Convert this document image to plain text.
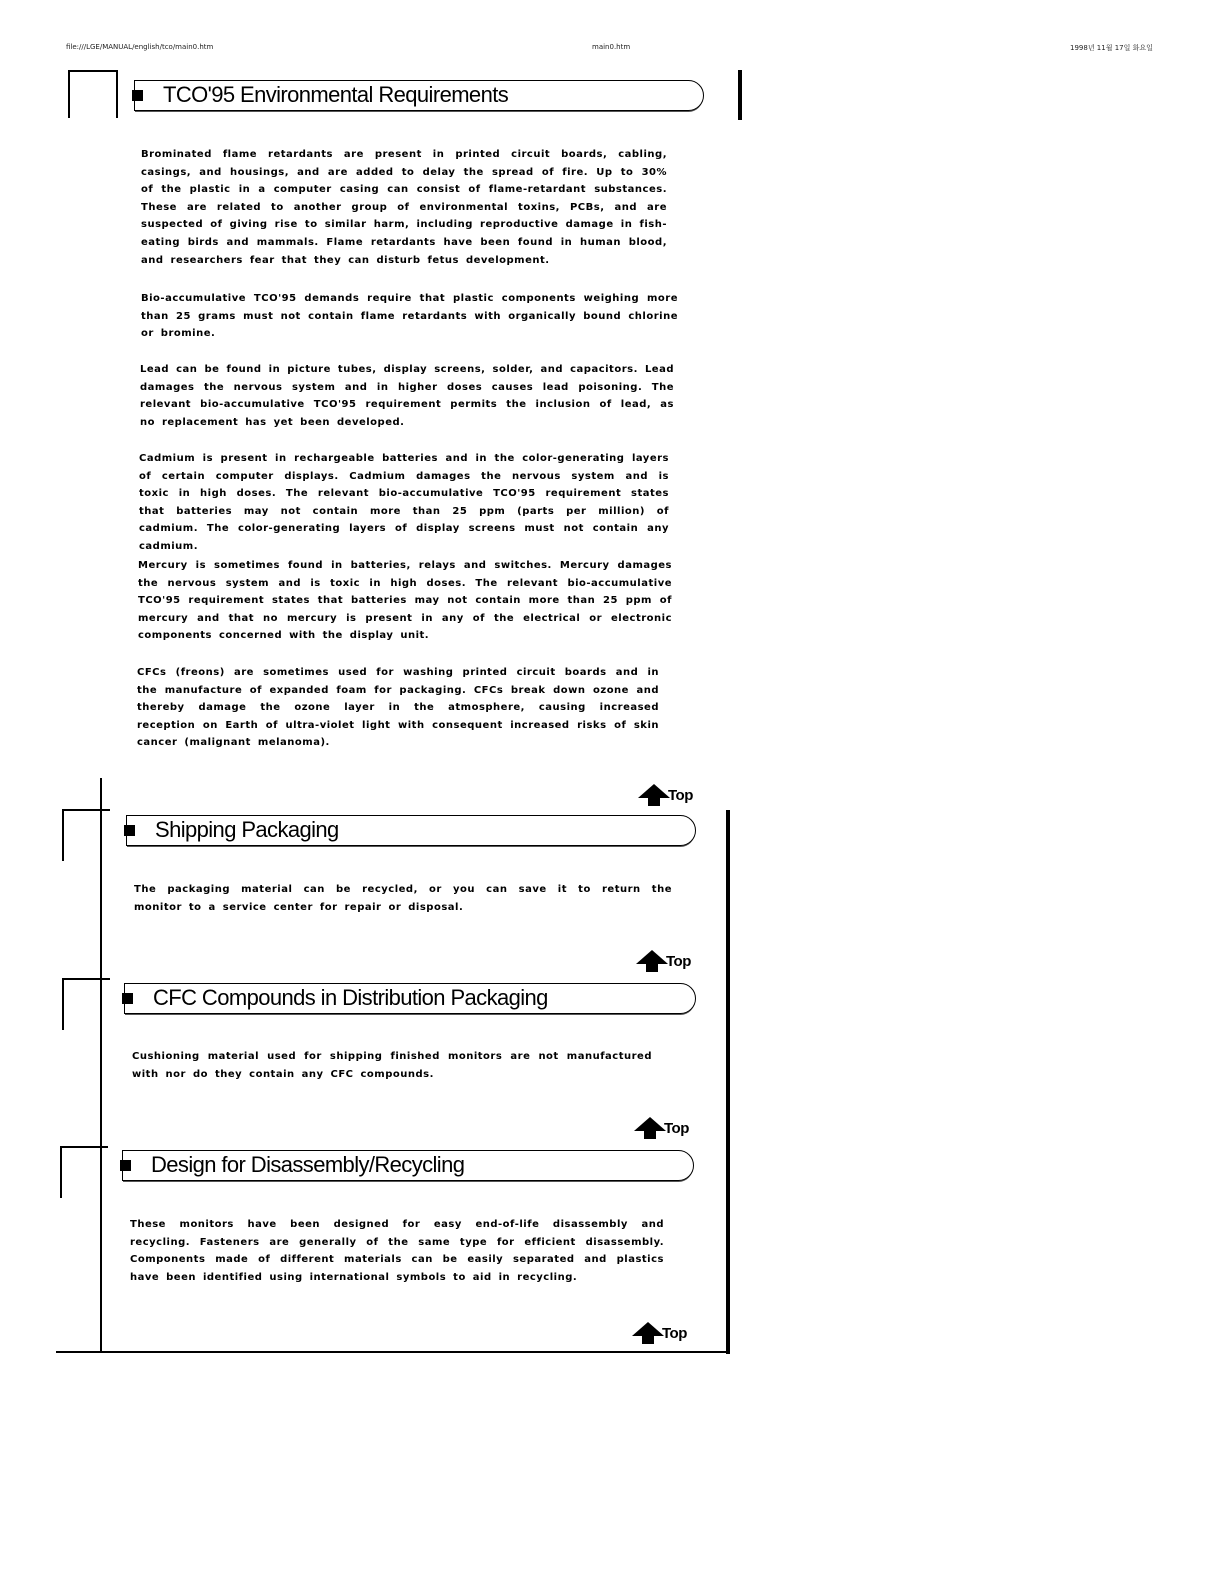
file:///LGE/MANUAL/english/tco/main0.htm	main0.htm	1998년 11월 17일 화요일
TCO'95 Environmental Requirements

Brominated flame retardants are present in printed circuit boards, cabling, casings, and housings, and are added to delay the spread of fire. Up to 30% of the plastic in a computer casing can consist of flame-retardant substances. These are related to another group of environmental toxins, PCBs, and are suspected of giving rise to similar harm, including reproductive damage in fish-eating birds and mammals. Flame retardants have been found in human blood, and researchers fear that they can disturb fetus development.

Bio-accumulative TCO'95 demands require that plastic components weighing more than 25 grams must not contain flame retardants with organically bound chlorine or bromine.

Lead can be found in picture tubes, display screens, solder, and capacitors. Lead damages the nervous system and in higher doses causes lead poisoning. The relevant bio-accumulative TCO'95 requirement permits the inclusion of lead, as no replacement has yet been developed.

Cadmium is present in rechargeable batteries and in the color-generating layers of certain computer displays. Cadmium damages the nervous system and is toxic in high doses. The relevant bio-accumulative TCO'95 requirement states that batteries may not contain more than 25 ppm (parts per million) of cadmium. The color-generating layers of display screens must not contain any cadmium.

Mercury is sometimes found in batteries, relays and switches. Mercury damages the nervous system and is toxic in high doses. The relevant bio-accumulative TCO'95 requirement states that batteries may not contain more than 25 ppm of mercury and that no mercury is present in any of the electrical or electronic components concerned with the display unit.

CFCs (freons) are sometimes used for washing printed circuit boards and in the manufacture of expanded foam for packaging. CFCs break down ozone and thereby damage the ozone layer in the atmosphere, causing increased reception on Earth of ultra-violet light with consequent increased risks of skin cancer (malignant melanoma).

Top
Shipping Packaging

The packaging material can be recycled, or you can save it to return the monitor to a service center for repair or disposal.

Top
CFC Compounds in Distribution Packaging

Cushioning material used for shipping finished monitors are not manufactured with nor do they contain any CFC compounds.

Top
Design for Disassembly/Recycling

These monitors have been designed for easy end-of-life disassembly and recycling. Fasteners are generally of the same type for efficient disassembly. Components made of different materials can be easily separated and plastics have been identified using international symbols to aid in recycling.

Top
